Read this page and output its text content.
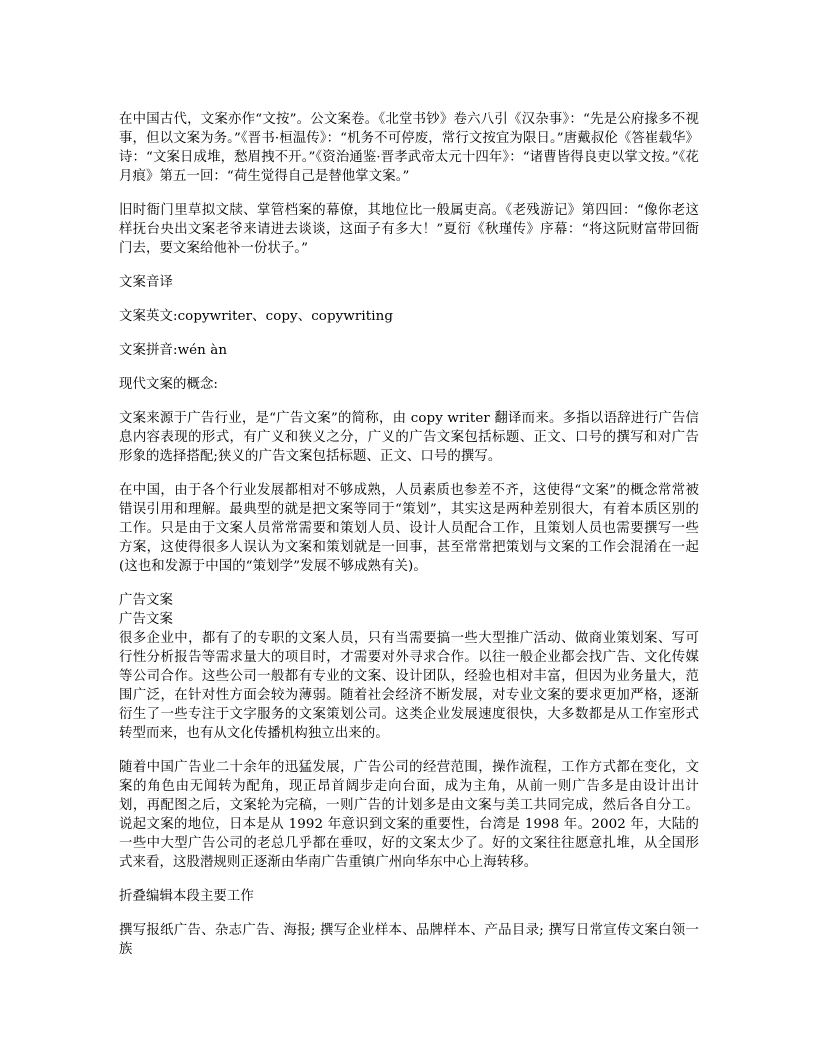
在中国古代，文案亦作“文按”。公文案卷。《北堂书钞》卷六八引《汉杂事》：“先是公府掾多不视事，但以文案为务。”《晋书·桓温传》：“机务不可停废，常行文按宜为限日。”唐戴叔伦《答崔载华》诗：“文案日成堆，愁眉拽不开。”《资治通鉴·晋孝武帝太元十四年》：“诸曹皆得良吏以掌文按。”《花月痕》第五一回：“荷生觉得自己是替他掌文案。”

旧时衙门里草拟文牍、掌管档案的幕僚，其地位比一般属吏高。《老残游记》第四回：“像你老这样抚台央出文案老爷来请进去谈谈，这面子有多大！”夏衍《秋瑾传》序幕：“将这阮财富带回衙门去，要文案给他补一份状子。”

文案音译

文案英文:copywriter、copy、copywriting

文案拼音:wén àn

现代文案的概念:

文案来源于广告行业，是“广告文案”的简称，由 copy writer 翻译而来。多指以语辞进行广告信息内容表现的形式，有广义和狭义之分，广义的广告文案包括标题、正文、口号的撰写和对广告形象的选择搭配;狭义的广告文案包括标题、正文、口号的撰写。

在中国，由于各个行业发展都相对不够成熟，人员素质也参差不齐，这使得“文案”的概念常常被错误引用和理解。最典型的就是把文案等同于“策划”，其实这是两种差别很大，有着本质区别的工作。只是由于文案人员常常需要和策划人员、设计人员配合工作，且策划人员也需要撰写一些方案，这使得很多人误认为文案和策划就是一回事，甚至常常把策划与文案的工作会混淆在一起(这也和发源于中国的“策划学”发展不够成熟有关)。

广告文案

广告文案

很多企业中，都有了的专职的文案人员，只有当需要搞一些大型推广活动、做商业策划案、写可行性分析报告等需求量大的项目时，才需要对外寻求合作。以往一般企业都会找广告、文化传媒等公司合作。这些公司一般都有专业的文案、设计团队，经验也相对丰富，但因为业务量大，范围广泛，在针对性方面会较为薄弱。随着社会经济不断发展，对专业文案的要求更加严格，逐渐衍生了一些专注于文字服务的文案策划公司。这类企业发展速度很快，大多数都是从工作室形式转型而来，也有从文化传播机构独立出来的。

随着中国广告业二十余年的迅猛发展，广告公司的经营范围，操作流程，工作方式都在变化，文案的角色由无闻转为配角，现正昂首阔步走向台面，成为主角，从前一则广告多是由设计出计划，再配图之后，文案轮为完稿，一则广告的计划多是由文案与美工共同完成，然后各自分工。说起文案的地位，日本是从 1992 年意识到文案的重要性，台湾是 1998 年。2002 年，大陆的一些中大型广告公司的老总几乎都在垂叹，好的文案太少了。好的文案往往愿意扎堆，从全国形式来看，这股潜规则正逐渐由华南广告重镇广州向华东中心上海转移。

折叠编辑本段主要工作

撰写报纸广告、杂志广告、海报; 撰写企业样本、品牌样本、产品目录; 撰写日常宣传文案白领一族
